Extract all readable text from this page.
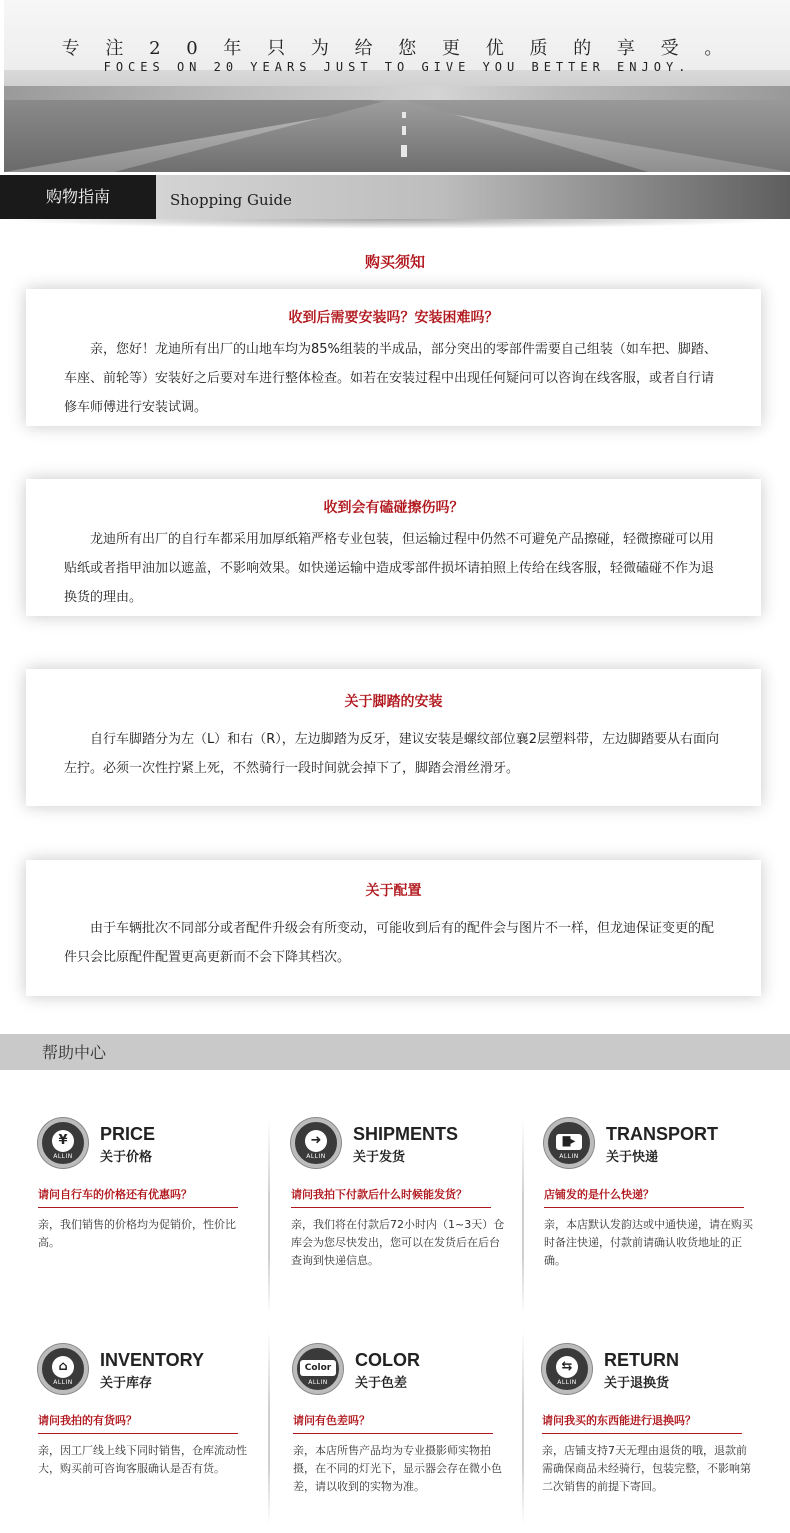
专 注 2 0 年 只 为 给 您 更 优 质 的 享 受 。
FOCES ON 20 YEARS JUST TO GIVE YOU BETTER ENJOY.
购物指南	Shopping Guide
购买须知
收到后需要安装吗？安装困难吗？

亲，您好！龙迪所有出厂的山地车均为85%组装的半成品，部分突出的零部件需要自己组装（如车把、脚踏、车座、前轮等）安装好之后要对车进行整体检查。如若在安装过程中出现任何疑问可以咨询在线客服，或者自行请修车师傅进行安装试调。

收到会有磕碰擦伤吗？

龙迪所有出厂的自行车都采用加厚纸箱严格专业包装，但运输过程中仍然不可避免产品擦碰，轻微擦碰可以用贴纸或者指甲油加以遮盖，不影响效果。如快递运输中造成零部件损坏请拍照上传给在线客服，轻微磕碰不作为退换货的理由。

关于脚踏的安装

自行车脚踏分为左（L）和右（R），左边脚踏为反牙，建议安装是螺纹部位襄2层塑料带，左边脚踏要从右面向左拧。必须一次性拧紧上死，不然骑行一段时间就会掉下了，脚踏会滑丝滑牙。

关于配置

由于车辆批次不同部分或者配件升级会有所变动，可能收到后有的配件会与图片不一样，但龙迪保证变更的配件只会比原配件配置更高更新而不会下降其档次。

帮助中心
¥
ALLIN
PRICE
关于价格
请问自行车的价格还有优惠吗？
亲，我们销售的价格均为促销价，性价比高。
➜
ALLIN
SHIPMENTS
关于发货
请问我拍下付款后什么时候能发货？
亲，我们将在付款后72小时内（1~3天）仓库会为您尽快发出，您可以在发货后在后台查询到快递信息。
▇▸
ALLIN
TRANSPORT
关于快递
店铺发的是什么快递？
亲，本店默认发韵达或中通快递，请在购买时备注快递，付款前请确认收货地址的正确。
⌂
ALLIN
INVENTORY
关于库存
请问我拍的有货吗？
亲，因工厂线上线下同时销售，仓库流动性大，购买前可咨询客服确认是否有货。
Color
ALLIN
COLOR
关于色差
请问有色差吗？
亲，本店所售产品均为专业摄影师实物拍摄，在不同的灯光下，显示器会存在微小色差，请以收到的实物为准。
⇆
ALLIN
RETURN
关于退换货
请问我买的东西能进行退换吗？
亲，店铺支持7天无理由退货的哦，退款前需确保商品未经骑行，包装完整，不影响第二次销售的前提下寄回。
